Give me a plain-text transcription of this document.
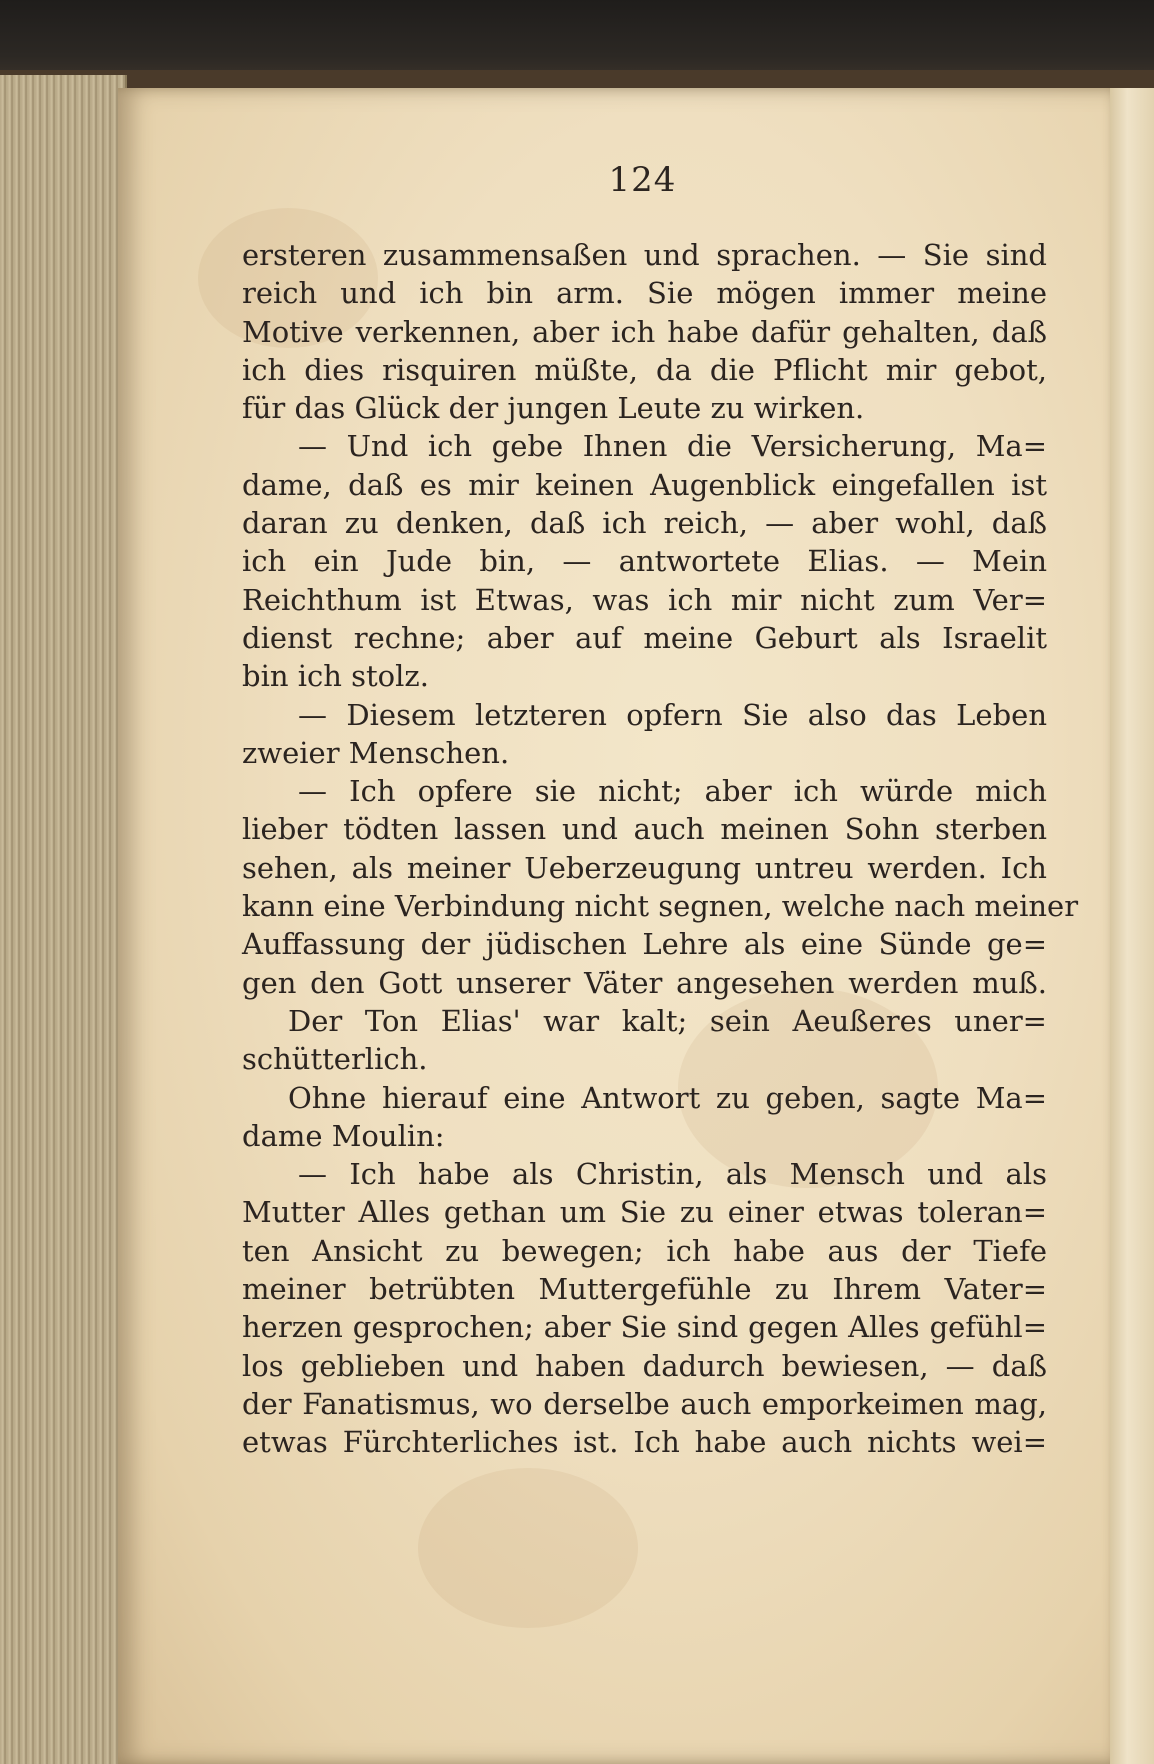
124
ersteren zusammensaßen und sprachen. — Sie sind
reich und ich bin arm. Sie mögen immer meine
Motive verkennen, aber ich habe dafür gehalten, daß
ich dies risquiren müßte, da die Pflicht mir gebot,
für das Glück der jungen Leute zu wirken.
— Und ich gebe Ihnen die Versicherung, Ma=
dame, daß es mir keinen Augenblick eingefallen ist
daran zu denken, daß ich reich, — aber wohl, daß
ich ein Jude bin, — antwortete Elias. — Mein
Reichthum ist Etwas, was ich mir nicht zum Ver=
dienst rechne; aber auf meine Geburt als Israelit
bin ich stolz.
— Diesem letzteren opfern Sie also das Leben
zweier Menschen.
— Ich opfere sie nicht; aber ich würde mich
lieber tödten lassen und auch meinen Sohn sterben
sehen, als meiner Ueberzeugung untreu werden. Ich
kann eine Verbindung nicht segnen, welche nach meiner
Auffassung der jüdischen Lehre als eine Sünde ge=
gen den Gott unserer Väter angesehen werden muß.
Der Ton Elias' war kalt; sein Aeußeres uner=
schütterlich.
Ohne hierauf eine Antwort zu geben, sagte Ma=
dame Moulin:
— Ich habe als Christin, als Mensch und als
Mutter Alles gethan um Sie zu einer etwas toleran=
ten Ansicht zu bewegen; ich habe aus der Tiefe
meiner betrübten Muttergefühle zu Ihrem Vater=
herzen gesprochen; aber Sie sind gegen Alles gefühl=
los geblieben und haben dadurch bewiesen, — daß
der Fanatismus, wo derselbe auch emporkeimen mag,
etwas Fürchterliches ist. Ich habe auch nichts wei=
